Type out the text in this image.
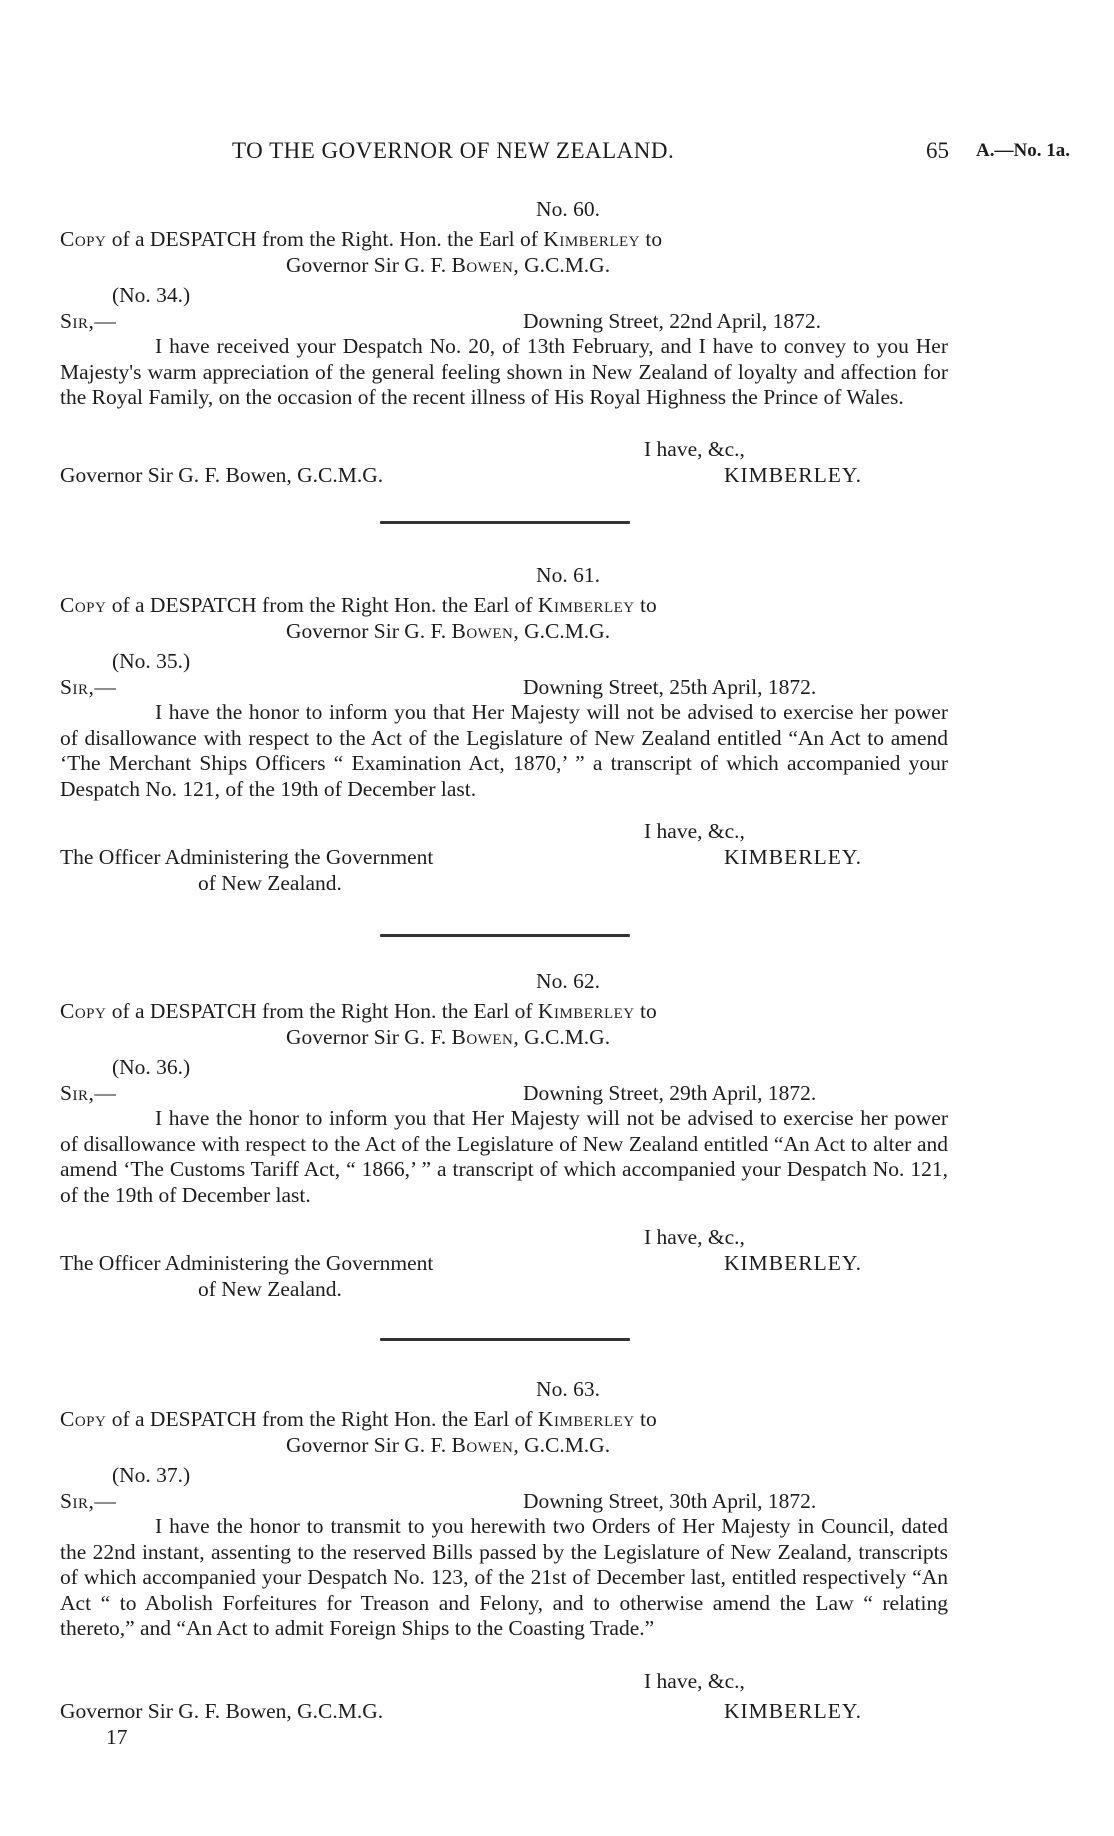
TO THE GOVERNOR OF NEW ZEALAND.	65 A.—No. 1a.
No. 60.
Copy of a DESPATCH from the Right. Hon. the Earl of Kimberley to
Governor Sir G. F. Bowen, G.C.M.G.
(No. 34.)
Sir,—	Downing Street, 22nd April, 1872.
I have received your Despatch No. 20, of 13th February, and I have to convey to you Her Majesty's warm appreciation of the general feeling shown in New Zealand of loyalty and affection for the Royal Family, on the occasion of the recent illness of His Royal Highness the Prince of Wales.
I have, &c.,
Governor Sir G. F. Bowen, G.C.M.G.	KIMBERLEY.
No. 61.
Copy of a DESPATCH from the Right Hon. the Earl of Kimberley to
Governor Sir G. F. Bowen, G.C.M.G.
(No. 35.)
Sir,—	Downing Street, 25th April, 1872.
I have the honor to inform you that Her Majesty will not be advised to exercise her power of disallowance with respect to the Act of the Legislature of New Zealand entitled “An Act to amend ‘The Merchant Ships Officers “ Examination Act, 1870,’ ” a transcript of which accompanied your Despatch No. 121, of the 19th of December last.
I have, &c.,
The Officer Administering the Government	KIMBERLEY.
of New Zealand.
No. 62.
Copy of a DESPATCH from the Right Hon. the Earl of Kimberley to
Governor Sir G. F. Bowen, G.C.M.G.
(No. 36.)
Sir,—	Downing Street, 29th April, 1872.
I have the honor to inform you that Her Majesty will not be advised to exercise her power of disallowance with respect to the Act of the Legislature of New Zealand entitled “An Act to alter and amend ‘The Customs Tariff Act, “ 1866,’ ” a transcript of which accompanied your Despatch No. 121, of the 19th of December last.
I have, &c.,
The Officer Administering the Government	KIMBERLEY.
of New Zealand.
No. 63.
Copy of a DESPATCH from the Right Hon. the Earl of Kimberley to
Governor Sir G. F. Bowen, G.C.M.G.
(No. 37.)
Sir,—	Downing Street, 30th April, 1872.
I have the honor to transmit to you herewith two Orders of Her Majesty in Council, dated the 22nd instant, assenting to the reserved Bills passed by the Legislature of New Zealand, transcripts of which accompanied your Despatch No. 123, of the 21st of December last, entitled respectively “An Act “ to Abolish Forfeitures for Treason and Felony, and to otherwise amend the Law “ relating thereto,” and “An Act to admit Foreign Ships to the Coasting Trade.”
I have, &c.,
Governor Sir G. F. Bowen, G.C.M.G.	KIMBERLEY.
17
